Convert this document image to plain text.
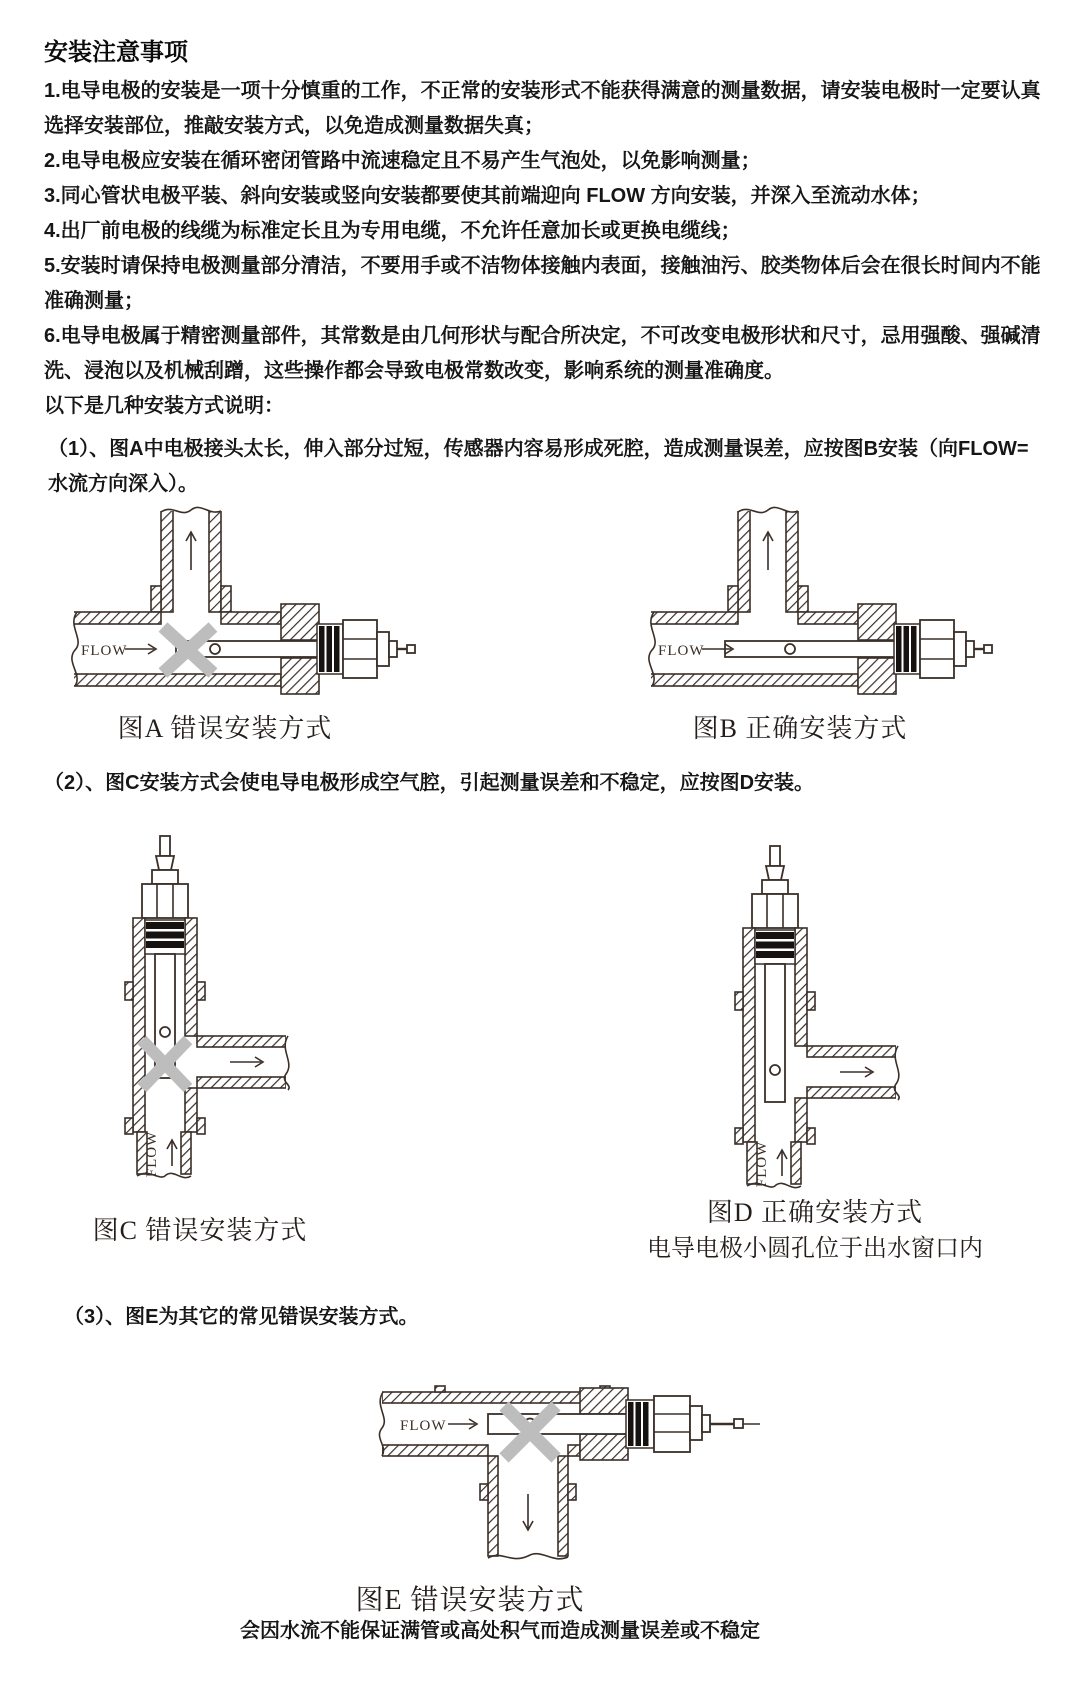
安装注意事项

1.电导电极的安装是一项十分慎重的工作，不正常的安装形式不能获得满意的测量数据，请安装电极时一定要认真选择安装部位，推敲安装方式，以免造成测量数据失真；

2.电导电极应安装在循环密闭管路中流速稳定且不易产生气泡处，以免影响测量；

3.同心管状电极平装、斜向安装或竖向安装都要使其前端迎向 FLOW 方向安装，并深入至流动水体；

4.出厂前电极的线缆为标准定长且为专用电缆，不允许任意加长或更换电缆线；

5.安装时请保持电极测量部分清洁，不要用手或不洁物体接触内表面，接触油污、胶类物体后会在很长时间内不能准确测量；

6.电导电极属于精密测量部件，其常数是由几何形状与配合所决定，不可改变电极形状和尺寸，忌用强酸、强碱清洗、浸泡以及机械刮蹭，这些操作都会导致电极常数改变，影响系统的测量准确度。

以下是几种安装方式说明：

（1）、图A中电极接头太长，伸入部分过短，传感器内容易形成死腔，造成测量误差，应按图B安装（向FLOW=水流方向深入）。
FLOW
图A 错误安装方式
FLOW
图B 正确安装方式
（2）、图C安装方式会使电导电极形成空气腔，引起测量误差和不稳定，应按图D安装。
FLOW
图C 错误安装方式
FLOW
图D 正确安装方式
电导电极小圆孔位于出水窗口内
（3）、图E为其它的常见错误安装方式。
FLOW
图E 错误安装方式
会因水流不能保证满管或高处积气而造成测量误差或不稳定
